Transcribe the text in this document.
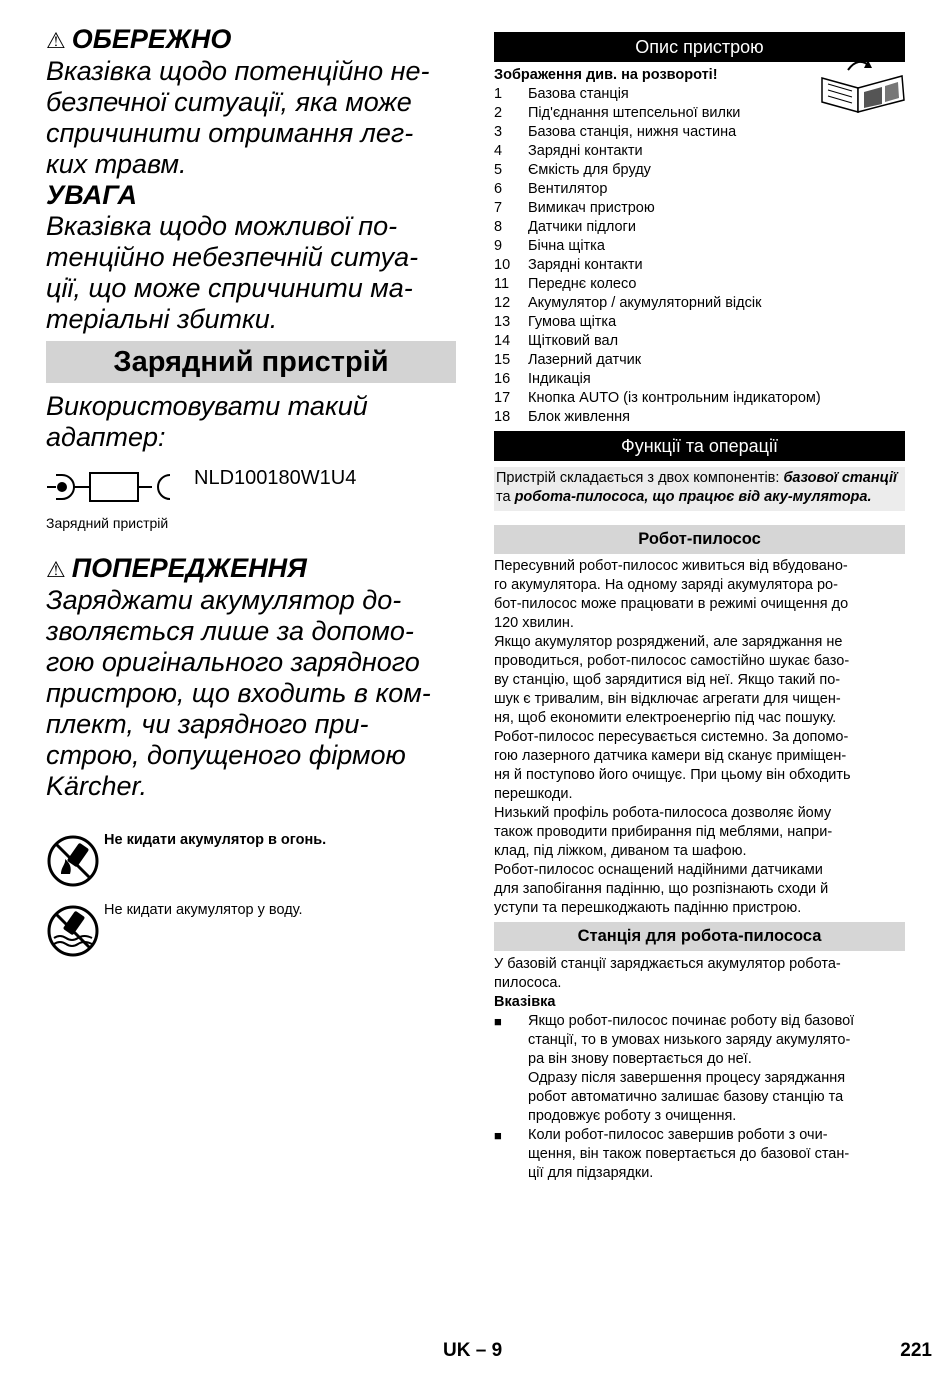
⚠ ОБЕРЕЖНО
Вказівка щодо потенційно не-
безпечної ситуації, яка може
спричинити отримання лег-
ких травм.
УВАГА
Вказівка щодо можливої по-
тенційно небезпечній ситуа-
ції, що може спричинити ма-
теріальні збитки.
Зарядний пристрій
Використовувати такий
адаптер:
NLD100180W1U4
Зарядний пристрій
⚠ ПОПЕРЕДЖЕННЯ
Заряджати акумулятор до-
зволяється лише за допомо-
гою оригінального зарядного
пристрою, що входить в ком-
плект, чи зарядного при-
строю, допущеного фірмою
Kärcher.
Не кидати акумулятор в огонь.
Не кидати акумулятор у воду.
Опис пристрою
Зображення див. на розвороті!
1	Базова станція
2	Під'єднання штепсельної вилки
3	Базова станція, нижня частина
4	Зарядні контакти
5	Ємкість для бруду
6	Вентилятор
7	Вимикач пристрою
8	Датчики підлоги
9	Бічна щітка
10	Зарядні контакти
11	Переднє колесо
12	Акумулятор / акумуляторний відсік
13	Гумова щітка
14	Щітковий вал
15	Лазерний датчик
16	Індикація
17	Кнопка AUTO (із контрольним індикатором)
18	Блок живлення
Функції та операції
Пристрій складається з двох компонентів: базової станції та робота-пилососа, що працює від аку-мулятора.
Робот-пилосос

Пересувний робот-пилосос живиться від вбудовано-

го акумулятора. На одному заряді акумулятора ро-

бот-пилосос може працювати в режимі очищення до

120 хвилин.

Якщо акумулятор розряджений, але заряджання не

проводиться, робот-пилосос самостійно шукає базо-

ву станцію, щоб зарядитися від неї. Якщо такий по-

шук є тривалим, він відключає агрегати для чищен-

ня, щоб економити електроенергію під час пошуку.

Робот-пилосос пересувається системно. За допомо-

гою лазерного датчика камери від сканує приміщен-

ня й поступово його очищує. При цьому він обходить

перешкоди.

Низький профіль робота-пилососа дозволяє йому

також проводити прибирання під меблями, напри-

клад, під ліжком, диваном та шафою.

Робот-пилосос оснащений надійними датчиками

для запобігання падінню, що розпізнають сходи й

уступи та перешкоджають падінню пристрою.

Станція для робота-пилососа

У базовій станції заряджається акумулятор робота-

пилососа.

Вказівка

■	Якщо робот-пилосос починає роботу від базової
станції, то в умовах низького заряду акумулято-
ра він знову повертається до неї.
Одразу після завершення процесу заряджання
робот автоматично залишає базову станцію та
продовжує роботу з очищення.
■	Коли робот-пилосос завершив роботи з очи-
щення, він також повертається до базової стан-
ції для підзарядки.
UK – 9	221
